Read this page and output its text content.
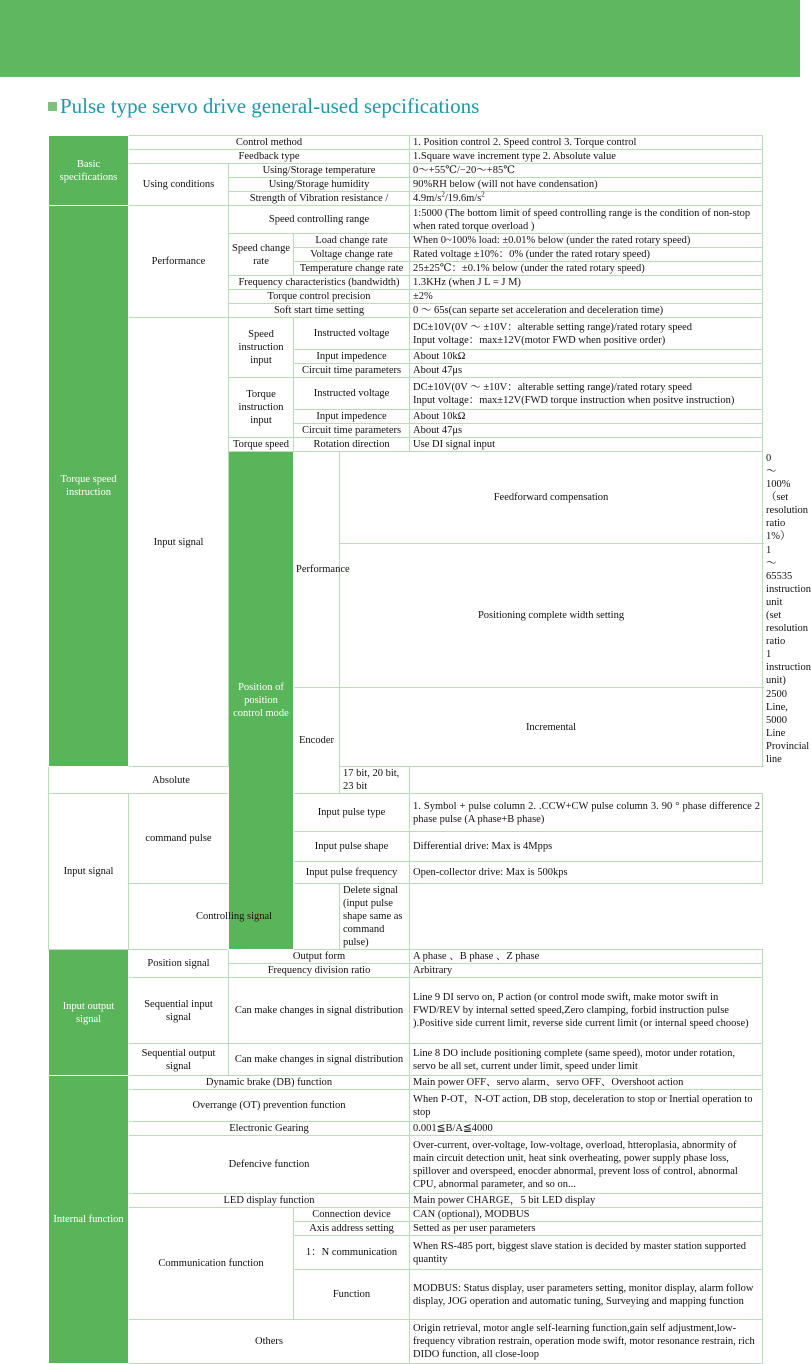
Pulse type servo drive general-used sepcifications
Basic specifications	Control method				1. Position control 2. Speed control 3. Torque control	
	Feedback type				1.Square wave increment type 2. Absolute value	
	Using conditions	Using/Storage temperature			0～+55℃/−20～+85℃	
		Using/Storage humidity			90%RH below (will not have condensation)	
		Strength of Vibration resistance /			$4.9m/s^2/19.6m/s^2$
Torque speed instruction	Performance	Speed controlling range			1:5000 (The bottom limit of speed controlling range is the condition of non-stop when rated torque overload )	
		Speed change rate	Load change rate		When 0~100% load: ±0.01% below (under the rated rotary speed)	
			Voltage change rate		Rated voltage ±10%：0% (under the rated rotary speed)	
			Temperature change rate		25±25℃：±0.1% below (under the rated rotary speed)	
		Frequency characteristics (bandwidth)			1.3KHz (when J L = J M)	
		Torque control precision			±2%	
		Soft start time setting			0 ～ 65s(can separte set acceleration and deceleration time)	
	Input signal	Speed instruction input	Instructed voltage		DC±10V(0V ～ ±10V：alterable setting range)/rated rotary speed
Input voltage：max±12V(motor FWD when positive order)	

			Input impedence		About 10kΩ	
			Circuit time parameters		About 47μs	
		Torque instruction input	Instructed voltage		DC±10V(0V ～ ±10V：alterable setting range)/rated rotary speed
Input voltage：max±12V(FWD torque instruction when positve instruction)	

			Input impedence		About 10kΩ	
			Circuit time parameters		About 47μs	
		Torque speed	Rotation direction		Use DI signal input	
		Position of position control mode	Performance	Feedforward compensation		0～100%（set resolution ratio 1%）
				Positioning complete width setting		1～65535 instruction unit (set resolution ratio 1 instruction unit)
			Encoder	Incremental		2500 Line, 5000 Line Provincial line
Absolute				17 bit, 20 bit, 23 bit		
Input signal	command pulse		Input pulse type		1. Symbol + pulse column 2. .CCW+CW pulse column 3. 90 ° phase difference 2 phase pulse (A phase+B phase)	
			Input pulse shape		Differential drive: Max is 4Mpps	
			Input pulse frequency		Open-collector drive: Max is 500kps	
	Controlling signal			Delete signal (input pulse shape same as command pulse)		
Input output signal	Position signal	Output form			A phase 、B phase 、Z phase	
		Frequency division ratio			Arbitrary	
	Sequential input signal	Can make changes in signal distribution			Line 9 DI servo on, P action (or control mode swift, make motor swift in FWD/REV by internal setted speed,Zero clamping, forbid instruction pulse ).Positive side current limit, reverse side current limit (or internal speed choose)	
	Sequential output signal	Can make changes in signal distribution			Line 8 DO include positioning complete (same speed), motor under rotation, servo be all set, current under limit, speed under limit	
Internal function	Dynamic brake (DB) function				Main power OFF、servo alarm、servo OFF、Overshoot action	
	Overrange (OT) prevention function				When P-OT，N-OT action, DB stop, deceleration to stop or Inertial operation to stop	
	Electronic Gearing				0.001≦B/A≦4000	
	Defencive function				Over-current, over-voltage, low-voltage, overload, htteroplasia, abnormity of main circuit detection unit, heat sink overheating, power supply phase loss, spillover and overspeed, enocder abnormal, prevent loss of control, abnormal CPU, abnormal parameter, and so on...	
	LED display function				Main power CHARGE，5 bit LED display	
	Communication function		Connection device		CAN (optional), MODBUS	
			Axis address setting		Setted as per user parameters	
			1：N communication		When RS-485 port, biggest slave station is decided by master station supported quantity	
			Function		MODBUS: Status display, user parameters setting, monitor display, alarm follow display, JOG operation and automatic tuning, Surveying and mapping function	
	Others				Origin retrieval, motor angle self-learning function,gain self adjustment,low-frequency vibration restrain, operation mode swift, motor resonance restrain, rich DIDO function, all close-loop	
